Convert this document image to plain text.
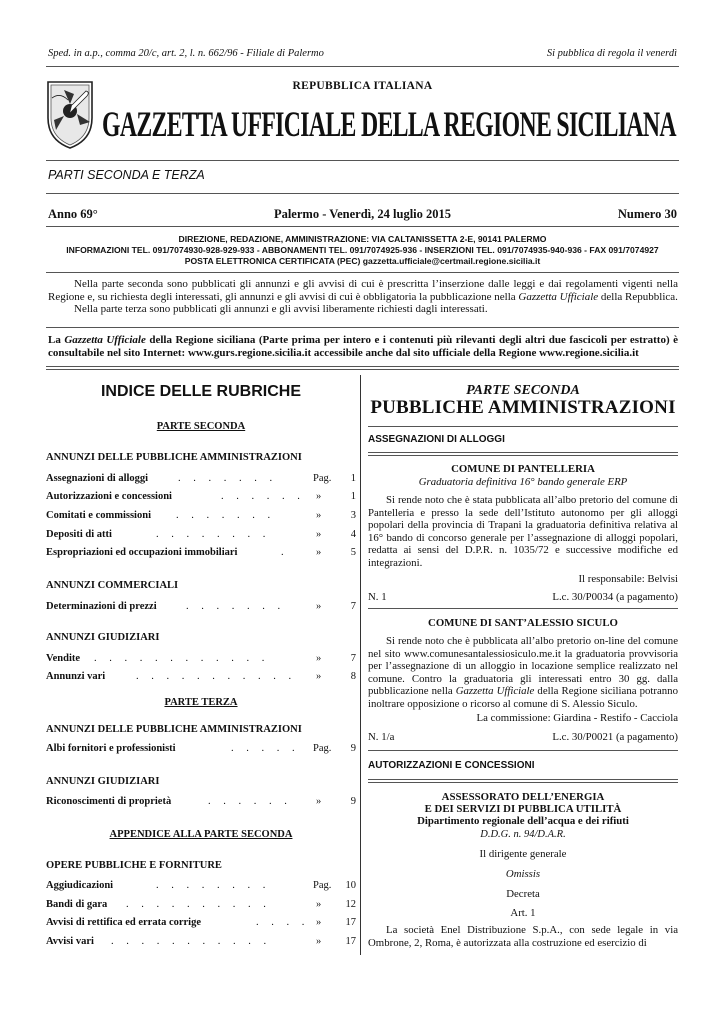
Sped. in a.p., comma 20/c, art. 2, l. n. 662/96 - Filiale di Palermo	Si pubblica di regola il venerdì
REPUBBLICA ITALIANA
GAZZETTA UFFICIALE DELLA REGIONE SICILIANA
PARTI SECONDA E TERZA
Anno 69°	Palermo - Venerdì, 24 luglio 2015	Numero 30
DIREZIONE, REDAZIONE, AMMINISTRAZIONE: VIA CALTANISSETTA 2-E, 90141 PALERMO
INFORMAZIONI TEL. 091/7074930-928-929-933 - ABBONAMENTI TEL. 091/7074925-936 - INSERZIONI TEL. 091/7074935-940-936 - FAX 091/7074927
POSTA ELETTRONICA CERTIFICATA (PEC) gazzetta.ufficiale@certmail.regione.sicilia.it

Nella parte seconda sono pubblicati gli annunzi e gli avvisi di cui è prescritta l’inserzione dalle leggi e dai regolamenti vigenti nella Regione e, su richiesta degli interessati, gli annunzi e gli avvisi di cui è obbligatoria la pubblicazione nella Gazzetta Ufficiale della Repubblica.

Nella parte terza sono pubblicati gli annunzi e gli avvisi liberamente richiesti dagli interessati.

La Gazzetta Ufficiale della Regione siciliana (Parte prima per intero e i contenuti più rilevanti degli altri due fascicoli per estratto) è consultabile nel sito Internet: www.gurs.regione.sicilia.it accessibile anche dal sito ufficiale della Regione www.regione.sicilia.it
INDICE DELLE RUBRICHE
PARTE SECONDA
ANNUNZI DELLE PUBBLICHE AMMINISTRAZIONI
Assegnazioni di alloggi	. . . . . . .	Pag. 1
Autorizzazioni e concessioni	. . . . . . »	1
Comitati e commissioni . . . . . . .	»	3
Depositi di atti	. . . . . . . .	»	4
Espropriazioni ed occupazioni immobiliari	.	»	5
ANNUNZI COMMERCIALI
Determinazioni di prezzi	. . . . . . .	»	7
ANNUNZI GIUDIZIARI
Vendite . . . . . . . . . . . .	»	7
Annunzi vari	. . . . . . . . . . . »	8
PARTE TERZA
ANNUNZI DELLE PUBBLICHE AMMINISTRAZIONI
Albi fornitori e professionisti	. . . . . Pag. 9
ANNUNZI GIUDIZIARI
Riconoscimenti di proprietà	. . . . . . »	9
APPENDICE ALLA PARTE SECONDA
OPERE PUBBLICHE E FORNITURE
Aggiudicazioni	. . . . . . . .	Pag. 10
Bandi di gara . . . . . . . . . .	» 12
Avvisi di rettifica ed errata corrige	. . . . » 17
Avvisi vari . . . . . . . . . . .	» 17
PARTE SECONDA
PUBBLICHE AMMINISTRAZIONI
ASSEGNAZIONI DI ALLOGGI
COMUNE DI PANTELLERIA
Graduatoria definitiva 16° bando generale ERP

Si rende noto che è stata pubblicata all’albo pretorio del comune di Pantelleria e presso la sede dell’Istituto autonomo per gli alloggi popolari della provincia di Trapani la graduatoria definitiva relativa al 16° bando di concorso generale per l’assegnazione di alloggi popolari, redatta ai sensi del D.P.R. n. 1035/72 e successive modifiche ed integrazioni.

Il responsabile: Belvisi
N. 1	L.c. 30/P0034 (a pagamento)
COMUNE DI SANT’ALESSIO SICULO

Si rende noto che è pubblicata all’albo pretorio on-line del comune nel sito www.comunesantalessiosiculo.me.it la graduatoria provvisoria per l’assegnazione di un alloggio in locazione semplice realizzato nel comune. Contro la graduatoria gli interessati entro 30 gg. dalla pubblicazione nella Gazzetta Ufficiale della Regione siciliana potranno inoltrare opposizione o ricorso al comune di S. Alessio Siculo.

La commissione: Giardina - Restifo - Cacciola
N. 1/a	L.c. 30/P0021 (a pagamento)
AUTORIZZAZIONI E CONCESSIONI
ASSESSORATO DELL’ENERGIA
E DEI SERVIZI DI PUBBLICA UTILITÀ
Dipartimento regionale dell’acqua e dei rifiuti
D.D.G. n. 94/D.A.R.
Il dirigente generale
Omissis
Decreta
Art. 1

La società Enel Distribuzione S.p.A., con sede legale in via Ombrone, 2, Roma, è autorizzata alla costruzione ed esercizio di
